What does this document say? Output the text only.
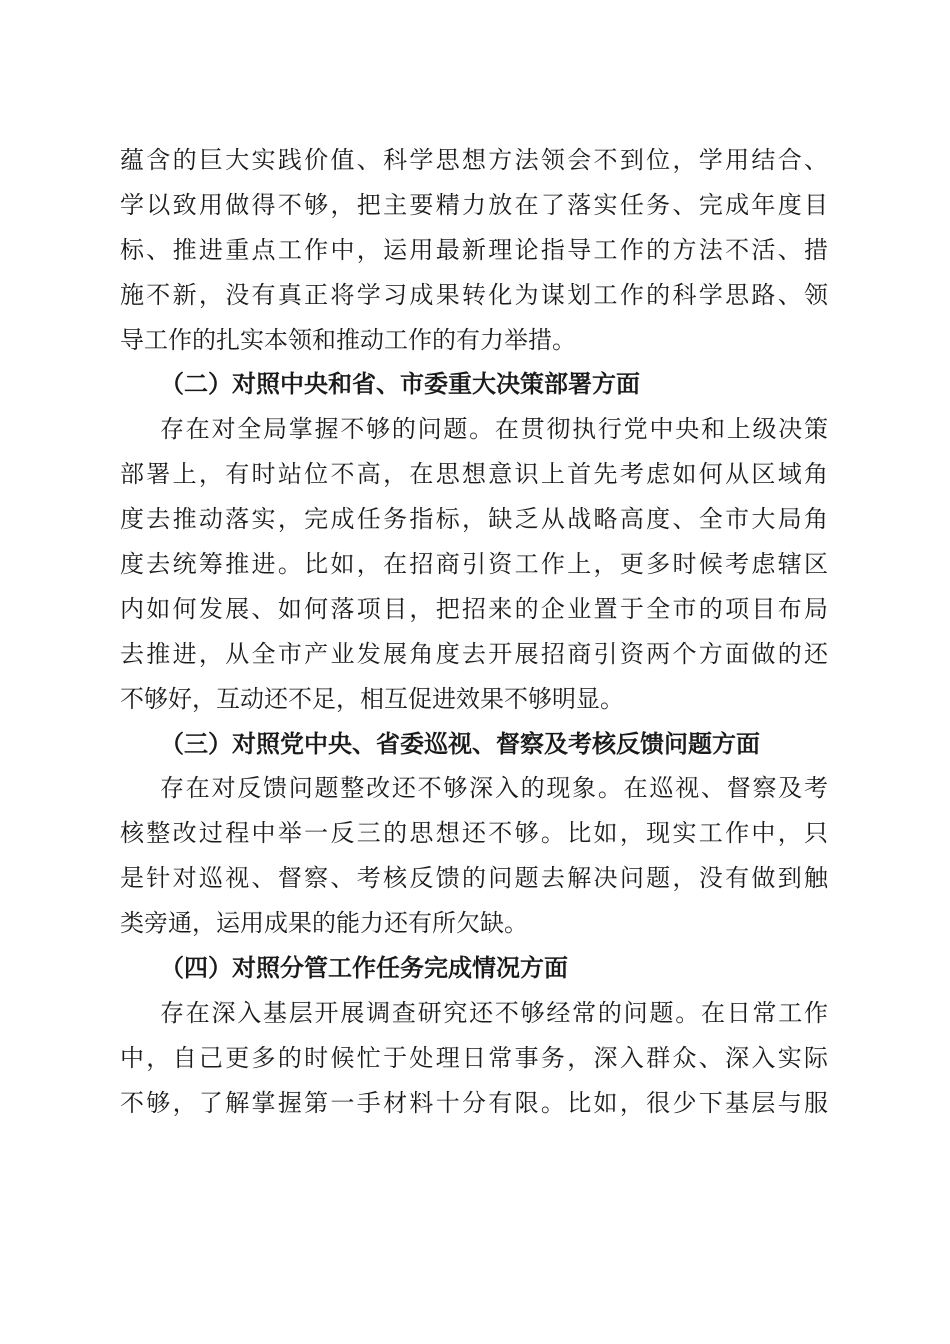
蕴含的巨大实践价值、科学思想方法领会不到位，学用结合、
学以致用做得不够，把主要精力放在了落实任务、完成年度目
标、推进重点工作中，运用最新理论指导工作的方法不活、措
施不新，没有真正将学习成果转化为谋划工作的科学思路、领
导工作的扎实本领和推动工作的有力举措。
（二）对照中央和省、市委重大决策部署方面
存在对全局掌握不够的问题。在贯彻执行党中央和上级决策
部署上，有时站位不高，在思想意识上首先考虑如何从区域角
度去推动落实，完成任务指标，缺乏从战略高度、全市大局角
度去统筹推进。比如，在招商引资工作上，更多时候考虑辖区
内如何发展、如何落项目，把招来的企业置于全市的项目布局
去推进，从全市产业发展角度去开展招商引资两个方面做的还
不够好，互动还不足，相互促进效果不够明显。
（三）对照党中央、省委巡视、督察及考核反馈问题方面
存在对反馈问题整改还不够深入的现象。在巡视、督察及考
核整改过程中举一反三的思想还不够。比如，现实工作中，只
是针对巡视、督察、考核反馈的问题去解决问题，没有做到触
类旁通，运用成果的能力还有所欠缺。
（四）对照分管工作任务完成情况方面
存在深入基层开展调查研究还不够经常的问题。在日常工作
中，自己更多的时候忙于处理日常事务，深入群众、深入实际
不够，了解掌握第一手材料十分有限。比如，很少下基层与服
